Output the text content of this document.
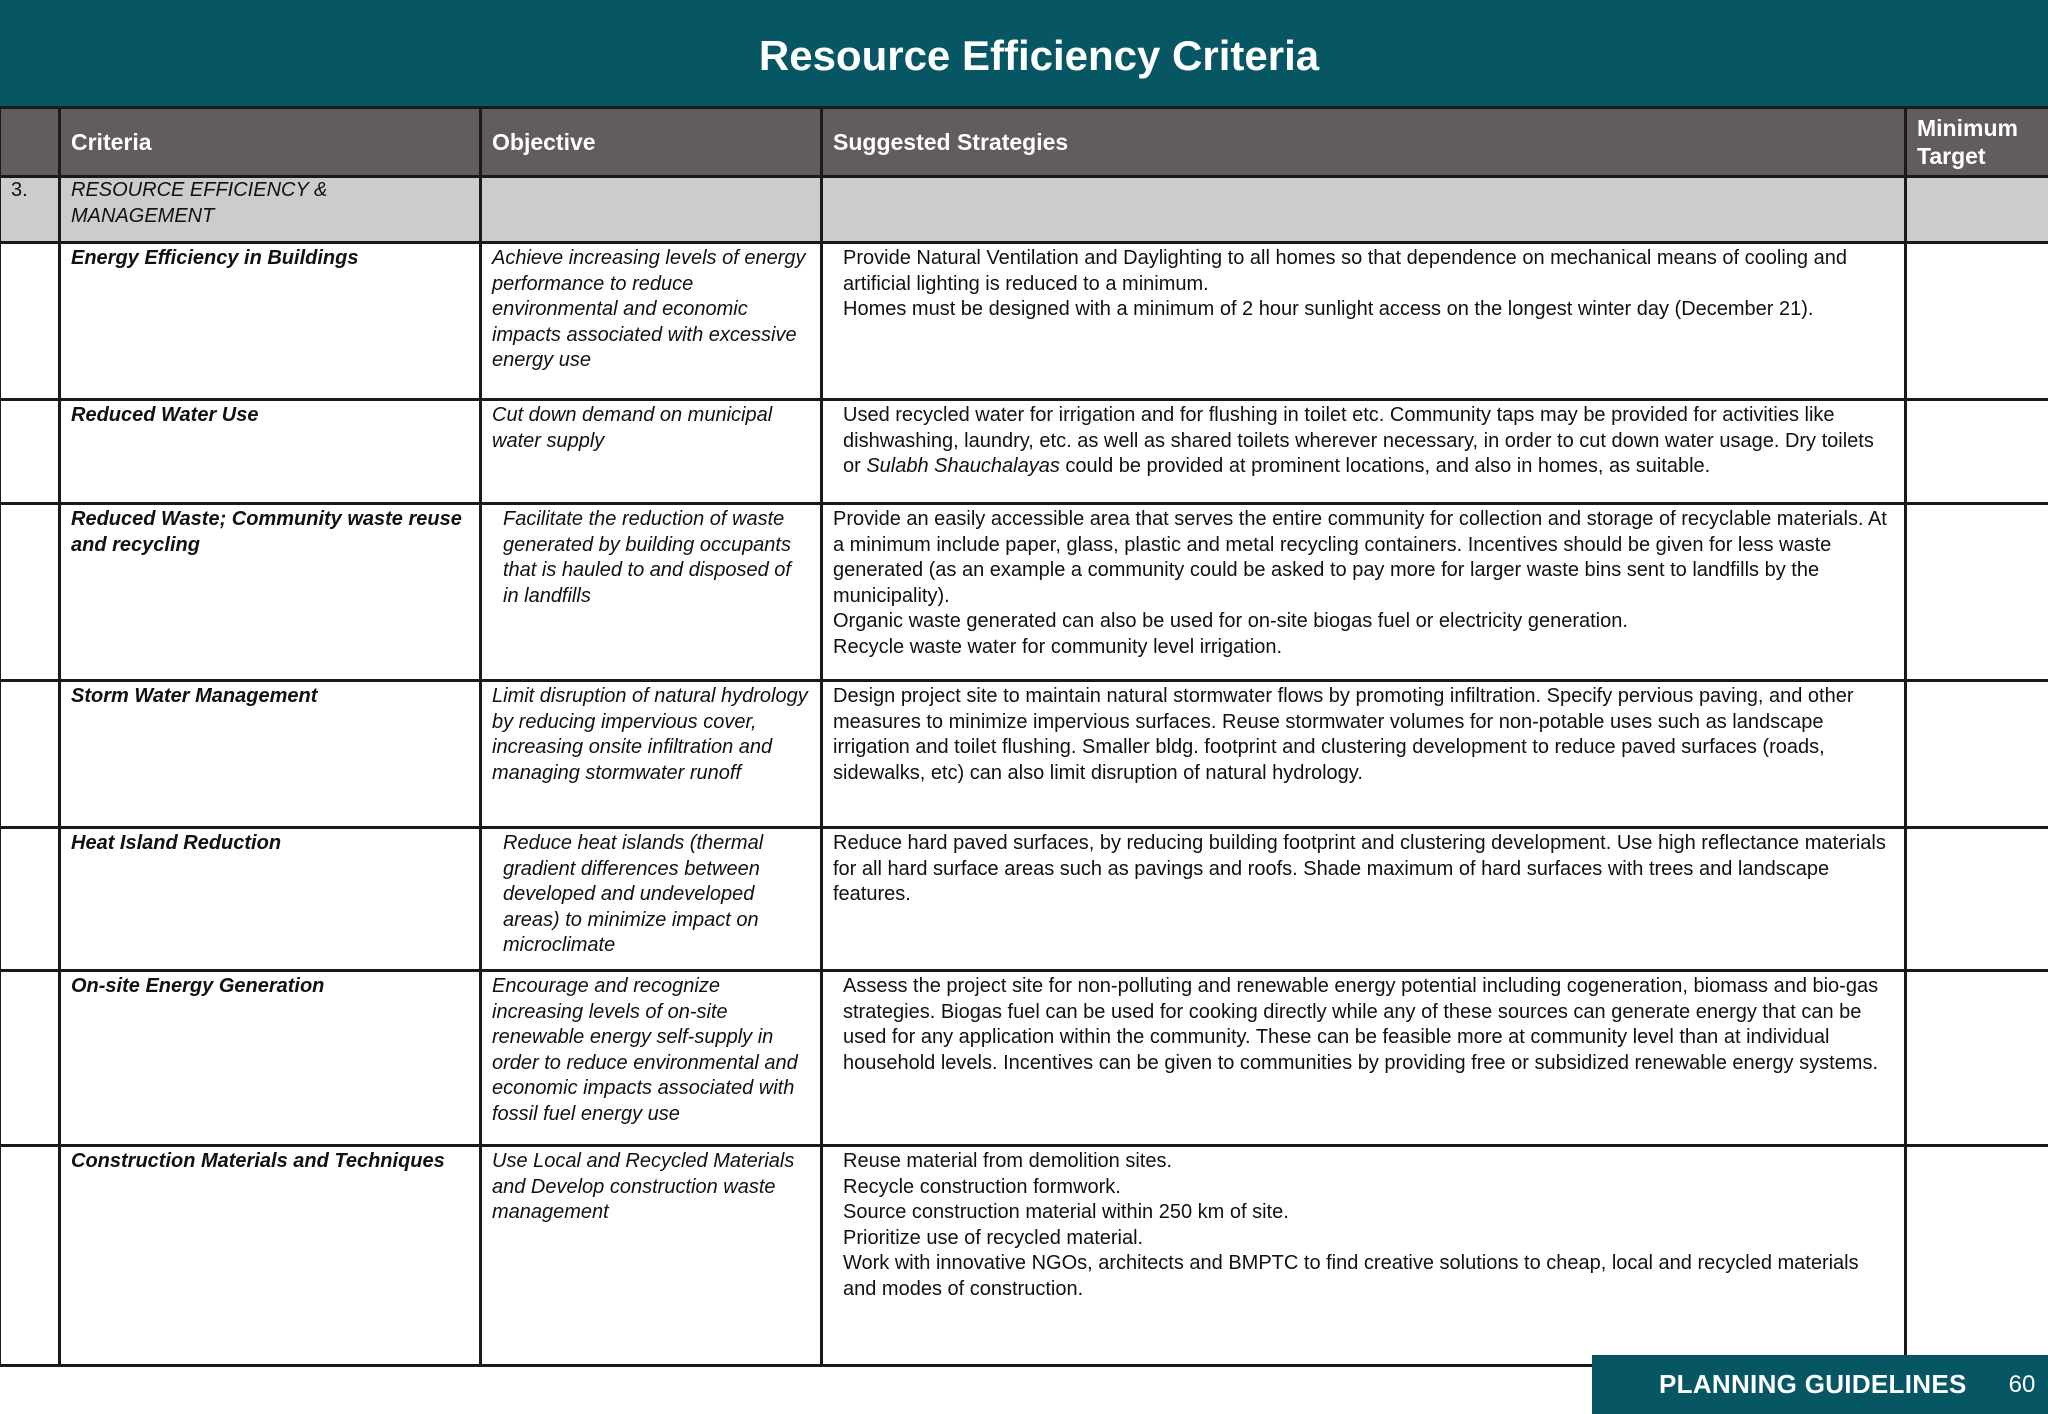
Resource Efficiency Criteria

	Criteria	Objective	Suggested Strategies	Minimum Target

3.	RESOURCE EFFICIENCY & MANAGEMENT			

	Energy Efficiency in Buildings	Achieve increasing levels of energy performance to reduce environmental and economic impacts associated with excessive energy use	Provide Natural Ventilation and Daylighting to all homes so that dependence on mechanical means of cooling and artificial lighting is reduced to a minimum.

Homes must be designed with a minimum of 2 hour sunlight access on the longest winter day (December 21).	

	Reduced Water Use	Cut down demand on municipal water supply	Used recycled water for irrigation and for flushing in toilet etc. Community taps may be provided for activities like dishwashing, laundry, etc. as well as shared toilets wherever necessary, in order to cut down water usage. Dry toilets or Sulabh Shauchalayas could be provided at prominent locations, and also in homes, as suitable.	

	Reduced Waste; Community waste reuse and recycling	Facilitate the reduction of waste generated by building occupants that is hauled to and disposed of in landfills	Provide an easily accessible area that serves the entire community for collection and storage of recyclable materials. At a minimum include paper, glass, plastic and metal recycling containers. Incentives should be given for less waste generated (as an example a community could be asked to pay more for larger waste bins sent to landfills by the municipality).

Organic waste generated can also be used for on-site biogas fuel or electricity generation.

Recycle waste water for community level irrigation.	

	Storm Water Management	Limit disruption of natural hydrology by reducing impervious cover, increasing onsite infiltration and managing stormwater runoff	Design project site to maintain natural stormwater flows by promoting infiltration. Specify pervious paving, and other measures to minimize impervious surfaces. Reuse stormwater volumes for non-potable uses such as landscape irrigation and toilet flushing. Smaller bldg. footprint and clustering development to reduce paved surfaces (roads, sidewalks, etc) can also limit disruption of natural hydrology.	

	Heat Island Reduction	Reduce heat islands (thermal gradient differences between developed and undeveloped areas) to minimize impact on microclimate	Reduce hard paved surfaces, by reducing building footprint and clustering development. Use high reflectance materials for all hard surface areas such as pavings and roofs. Shade maximum of hard surfaces with trees and landscape features.	

	On-site Energy Generation	Encourage and recognize increasing levels of on-site renewable energy self-supply in order to reduce environmental and economic impacts associated with fossil fuel energy use	Assess the project site for non-polluting and renewable energy potential including cogeneration, biomass and bio-gas strategies. Biogas fuel can be used for cooking directly while any of these sources can generate energy that can be used for any application within the community. These can be feasible more at community level than at individual household levels. Incentives can be given to communities by providing free or subsidized renewable energy systems.	

	Construction Materials and Techniques	Use Local and Recycled Materials and Develop construction waste management	Reuse material from demolition sites.

Recycle construction formwork.

Source construction material within 250 km of site.

Prioritize use of recycled material.

Work with innovative NGOs, architects and BMPTC to find creative solutions to cheap, local and recycled materials and modes of construction.	

PLANNING GUIDELINES 60
